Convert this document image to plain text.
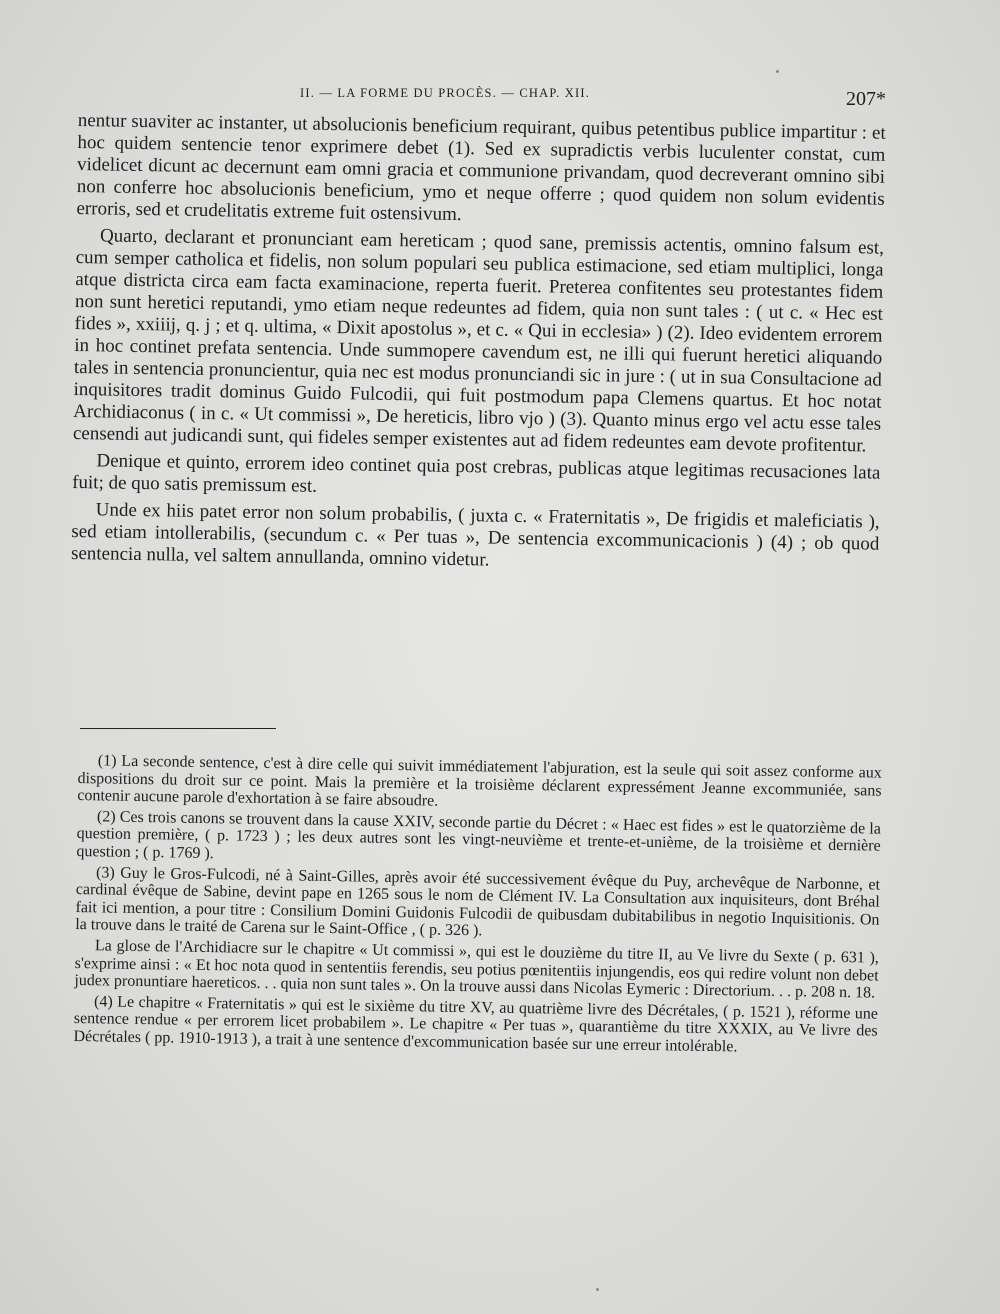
II. — LA FORME DU PROCÈS. — CHAP. XII.	207*

nentur suaviter ac instanter, ut absolucionis beneficium requirant, quibus petentibus publice impartitur : et hoc quidem sentencie tenor exprimere debet (1). Sed ex supradictis verbis luculenter constat, cum videlicet dicunt ac decernunt eam omni gracia et communione privandam, quod decreverant omnino sibi non conferre hoc absolucionis beneficium, ymo et neque offerre ; quod quidem non solum evidentis erroris, sed et crudelitatis extreme fuit ostensivum.

Quarto, declarant et pronunciant eam hereticam ; quod sane, premissis actentis, omnino falsum est, cum semper catholica et fidelis, non solum populari seu publica estimacione, sed etiam multiplici, longa atque districta circa eam facta examinacione, reperta fuerit. Preterea confitentes seu protestantes fidem non sunt heretici reputandi, ymo etiam neque redeuntes ad fidem, quia non sunt tales : ( ut c. « Hec est fides », xxiiij, q. j ; et q. ultima, « Dixit apostolus », et c. « Qui in ecclesia» ) (2). Ideo evidentem errorem in hoc continet prefata sentencia. Unde summopere cavendum est, ne illi qui fuerunt heretici aliquando tales in sentencia pronuncientur, quia nec est modus pronunciandi sic in jure : ( ut in sua Consultacione ad inquisitores tradit dominus Guido Fulcodii, qui fuit postmodum papa Clemens quartus. Et hoc notat Archidiaconus ( in c. « Ut commissi », De hereticis, libro vjo ) (3). Quanto minus ergo vel actu esse tales censendi aut judicandi sunt, qui fideles semper existentes aut ad fidem redeuntes eam devote profitentur.

Denique et quinto, errorem ideo continet quia post crebras, publicas atque legitimas recusaciones lata fuit; de quo satis premissum est.

Unde ex hiis patet error non solum probabilis, ( juxta c. « Fraternitatis », De frigidis et maleficiatis ), sed etiam intollerabilis, (secundum c. « Per tuas », De sentencia excommunicacionis ) (4) ; ob quod sentencia nulla, vel saltem annullanda, omnino videtur.

(1) La seconde sentence, c'est à dire celle qui suivit immédiatement l'abjuration, est la seule qui soit assez conforme aux dispositions du droit sur ce point. Mais la première et la troisième déclarent expressément Jeanne excommuniée, sans contenir aucune parole d'exhortation à se faire absoudre.

(2) Ces trois canons se trouvent dans la cause XXIV, seconde partie du Décret : « Haec est fides » est le quatorzième de la question première, ( p. 1723 ) ; les deux autres sont les vingt-neuvième et trente-et-unième, de la troisième et dernière question ; ( p. 1769 ).

(3) Guy le Gros-Fulcodi, né à Saint-Gilles, après avoir été successivement évêque du Puy, archevêque de Narbonne, et cardinal évêque de Sabine, devint pape en 1265 sous le nom de Clément IV. La Consultation aux inquisiteurs, dont Bréhal fait ici mention, a pour titre : Consilium Domini Guidonis Fulcodii de quibusdam dubitabilibus in negotio Inquisitionis. On la trouve dans le traité de Carena sur le Saint-Office , ( p. 326 ).

La glose de l'Archidiacre sur le chapitre « Ut commissi », qui est le douzième du titre II, au Ve livre du Sexte ( p. 631 ), s'exprime ainsi : « Et hoc nota quod in sententiis ferendis, seu potius pœnitentiis injungendis, eos qui redire volunt non debet judex pronuntiare haereticos. . . quia non sunt tales ». On la trouve aussi dans Nicolas Eymeric : Directorium. . . p. 208 n. 18.

(4) Le chapitre « Fraternitatis » qui est le sixième du titre XV, au quatrième livre des Décrétales, ( p. 1521 ), réforme une sentence rendue « per errorem licet probabilem ». Le chapitre « Per tuas », quarantième du titre XXXIX, au Ve livre des Décrétales ( pp. 1910-1913 ), a trait à une sentence d'excommunication basée sur une erreur intolérable.
